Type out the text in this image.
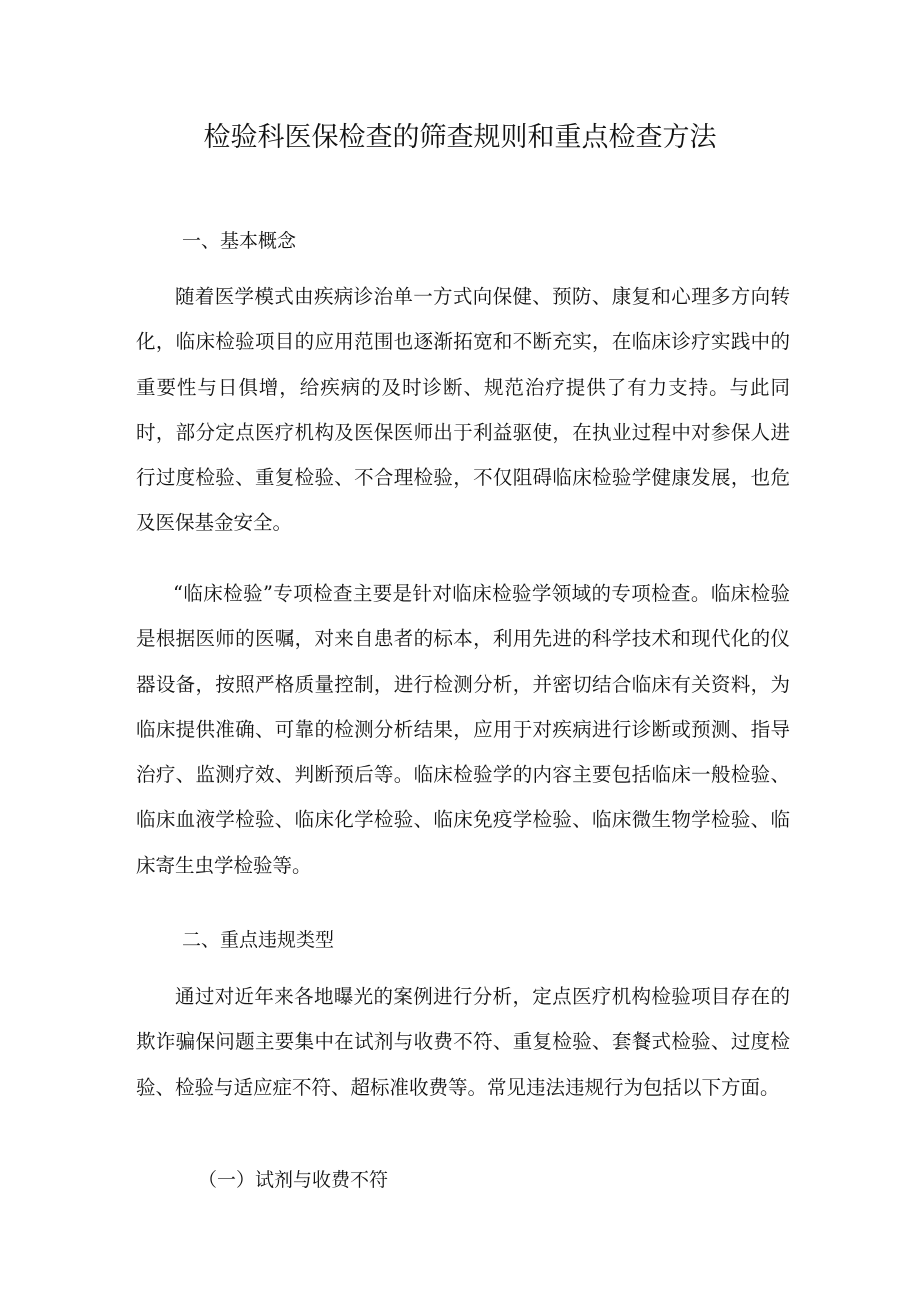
检验科医保检查的筛查规则和重点检查方法
一、基本概念

随着医学模式由疾病诊治单一方式向保健、预防、康复和心理多方向转化，临床检验项目的应用范围也逐渐拓宽和不断充实，在临床诊疗实践中的重要性与日俱增，给疾病的及时诊断、规范治疗提供了有力支持。与此同时，部分定点医疗机构及医保医师出于利益驱使，在执业过程中对参保人进行过度检验、重复检验、不合理检验，不仅阻碍临床检验学健康发展，也危及医保基金安全。

“临床检验”专项检查主要是针对临床检验学领域的专项检查。临床检验是根据医师的医嘱，对来自患者的标本，利用先进的科学技术和现代化的仪器设备，按照严格质量控制，进行检测分析，并密切结合临床有关资料，为临床提供准确、可靠的检测分析结果，应用于对疾病进行诊断或预测、指导治疗、监测疗效、判断预后等。临床检验学的内容主要包括临床一般检验、临床血液学检验、临床化学检验、临床免疫学检验、临床微生物学检验、临床寄生虫学检验等。

二、重点违规类型

通过对近年来各地曝光的案例进行分析，定点医疗机构检验项目存在的欺诈骗保问题主要集中在试剂与收费不符、重复检验、套餐式检验、过度检验、检验与适应症不符、超标准收费等。常见违法违规行为包括以下方面。

（一）试剂与收费不符
